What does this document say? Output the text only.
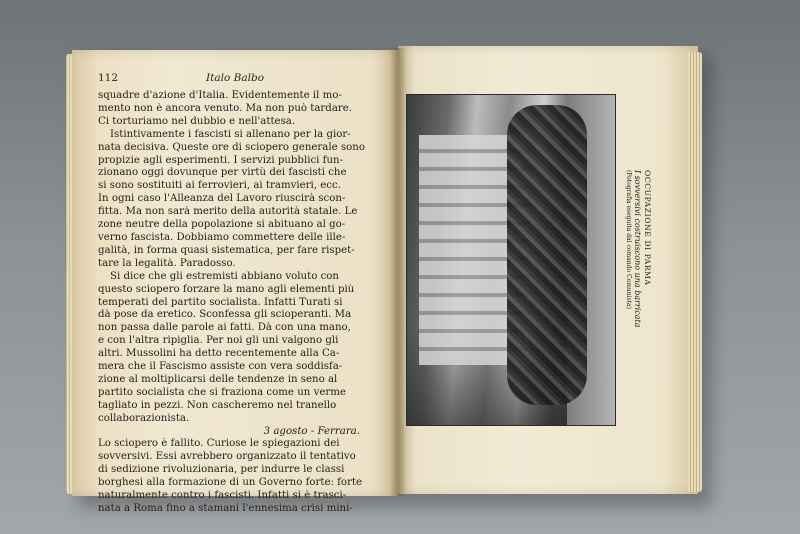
112	Italo Balbo

squadre d'azione d'Italia. Evidentemente il mo-
mento non è ancora venuto. Ma non può tardare.
Ci torturiamo nel dubbio e nell'attesa.

Istintivamente i fascisti si allenano per la gior-
nata decisiva. Queste ore di sciopero generale sono
propizie agli esperimenti. I servizi pubblici fun-
zionano oggi dovunque per virtù dei fascisti che
si sono sostituiti ai ferrovieri, ai tramvieri, ecc.
In ogni caso l'Alleanza del Lavoro riuscirà scon-
fitta. Ma non sarà merito della autorità statale. Le
zone neutre della popolazione si abituano al go-
verno fascista. Dobbiamo commettere delle ille-
galità, in forma quasi sistematica, per fare rispet-
tare la legalità. Paradosso.

Si dice che gli estremisti abbiano voluto con
questo sciopero forzare la mano agli elementi più
temperati del partito socialista. Infatti Turati si
dà pose da eretico. Sconfessa gli scioperanti. Ma
non passa dalle parole ai fatti. Dà con una mano,
e con l'altra ripiglia. Per noi gli uni valgono gli
altri. Mussolini ha detto recentemente alla Ca-
mera che il Fascismo assiste con vera soddisfa-
zione al moltiplicarsi delle tendenze in seno al
partito socialista che si fraziona come un verme
tagliato in pezzi. Non cascheremo nel tranello
collaborazionista.

3 agosto - Ferrara.

Lo sciopero è fallito. Curiose le spiegazioni dei
sovversivi. Essi avrebbero organizzato il tentativo
di sedizione rivoluzionaria, per indurre le classi
borghesi alla formazione di un Governo forte: forte
naturalmente contro i fascisti. Infatti si è trasci-
nata a Roma fino a stamani l'ennesima crisi mini-

OCCUPAZIONE DI PARMA
I sovversivi costruiscono una barricata
(Fotografia eseguita dal comando Comunista)
